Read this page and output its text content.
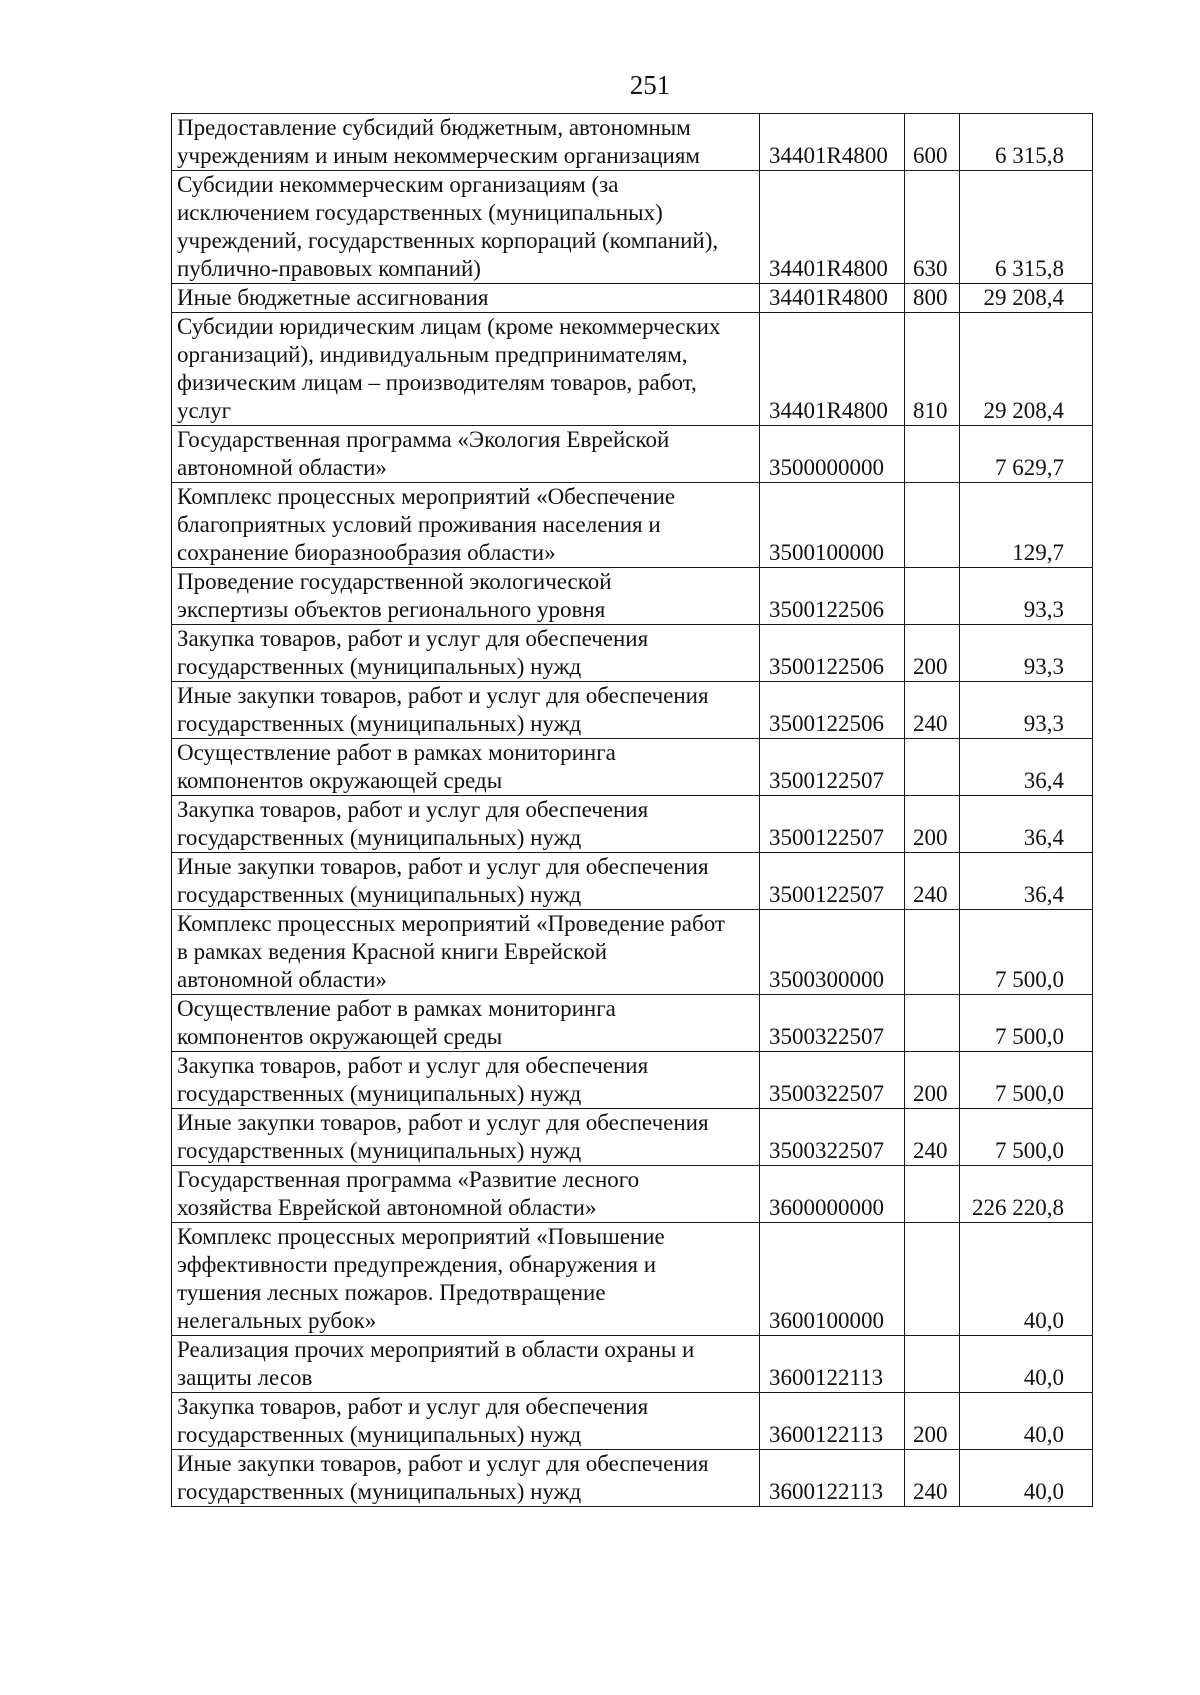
251
Предоставление субсидий бюджетным, автономным
учреждениям и иным некоммерческим организациям	34401R4800	600	6 315,8

Субсидии некоммерческим организациям (за
исключением государственных (муниципальных)
учреждений, государственных корпораций (компаний),
публично-правовых компаний)	34401R4800	630	6 315,8

Иные бюджетные ассигнования	34401R4800	800	29 208,4

Субсидии юридическим лицам (кроме некоммерческих
организаций), индивидуальным предпринимателям,
физическим лицам – производителям товаров, работ,
услуг	34401R4800	810	29 208,4

Государственная программа «Экология Еврейской
автономной области»	3500000000		7 629,7

Комплекс процессных мероприятий «Обеспечение
благоприятных условий проживания населения и
сохранение биоразнообразия области»	3500100000		129,7

Проведение государственной экологической
экспертизы объектов регионального уровня	3500122506		93,3

Закупка товаров, работ и услуг для обеспечения
государственных (муниципальных) нужд	3500122506	200	93,3

Иные закупки товаров, работ и услуг для обеспечения
государственных (муниципальных) нужд	3500122506	240	93,3

Осуществление работ в рамках мониторинга
компонентов окружающей среды	3500122507		36,4

Закупка товаров, работ и услуг для обеспечения
государственных (муниципальных) нужд	3500122507	200	36,4

Иные закупки товаров, работ и услуг для обеспечения
государственных (муниципальных) нужд	3500122507	240	36,4

Комплекс процессных мероприятий «Проведение работ
в рамках ведения Красной книги Еврейской
автономной области»	3500300000		7 500,0

Осуществление работ в рамках мониторинга
компонентов окружающей среды	3500322507		7 500,0

Закупка товаров, работ и услуг для обеспечения
государственных (муниципальных) нужд	3500322507	200	7 500,0

Иные закупки товаров, работ и услуг для обеспечения
государственных (муниципальных) нужд	3500322507	240	7 500,0

Государственная программа «Развитие лесного
хозяйства Еврейской автономной области»	3600000000		226 220,8

Комплекс процессных мероприятий «Повышение
эффективности предупреждения, обнаружения и
тушения лесных пожаров. Предотвращение
нелегальных рубок»	3600100000		40,0

Реализация прочих мероприятий в области охраны и
защиты лесов	3600122113		40,0

Закупка товаров, работ и услуг для обеспечения
государственных (муниципальных) нужд	3600122113	200	40,0

Иные закупки товаров, работ и услуг для обеспечения
государственных (муниципальных) нужд	3600122113	240	40,0
